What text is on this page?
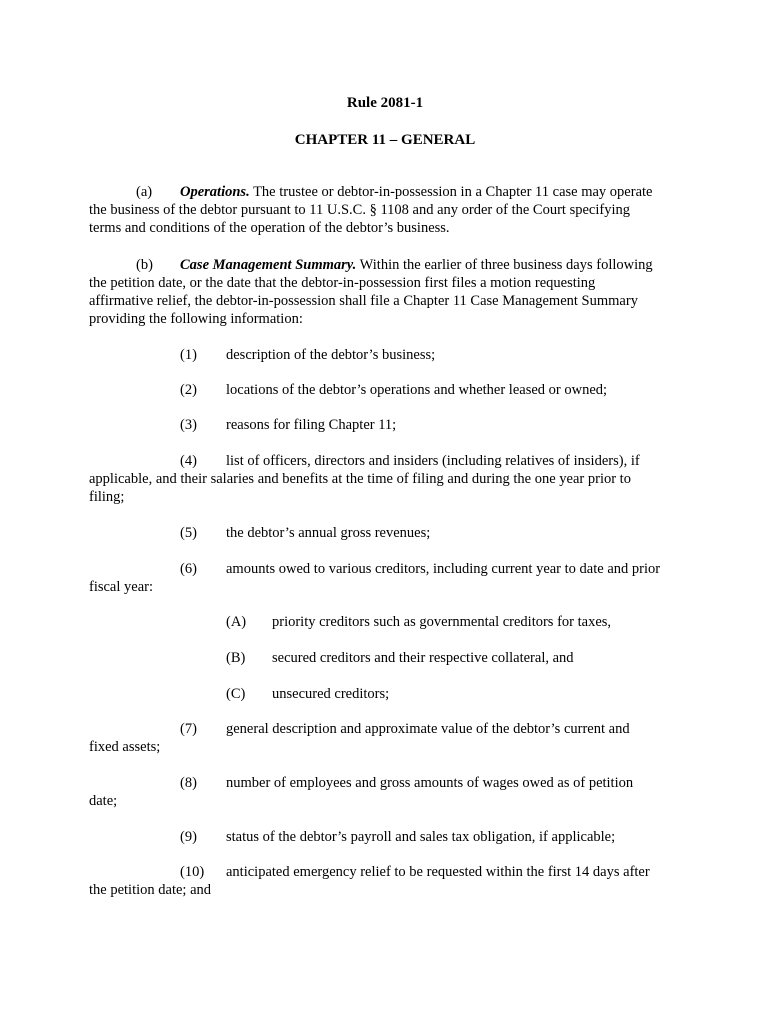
Rule 2081-1
CHAPTER 11 – GENERAL
(a) Operations. The trustee or debtor-in-possession in a Chapter 11 case may operate
the business of the debtor pursuant to 11 U.S.C. § 1108 and any order of the Court specifying
terms and conditions of the operation of the debtor’s business.
(b) Case Management Summary. Within the earlier of three business days following
the petition date, or the date that the debtor-in-possession first files a motion requesting
affirmative relief, the debtor-in-possession shall file a Chapter 11 Case Management Summary
providing the following information:
(1) description of the debtor’s business;
(2) locations of the debtor’s operations and whether leased or owned;
(3) reasons for filing Chapter 11;
(4) list of officers, directors and insiders (including relatives of insiders), if
applicable, and their salaries and benefits at the time of filing and during the one year prior to
filing;
(5) the debtor’s annual gross revenues;
(6) amounts owed to various creditors, including current year to date and prior
fiscal year:
(A) priority creditors such as governmental creditors for taxes,
(B) secured creditors and their respective collateral, and
(C) unsecured creditors;
(7) general description and approximate value of the debtor’s current and
fixed assets;
(8) number of employees and gross amounts of wages owed as of petition
date;
(9) status of the debtor’s payroll and sales tax obligation, if applicable;
(10) anticipated emergency relief to be requested within the first 14 days after
the petition date; and
